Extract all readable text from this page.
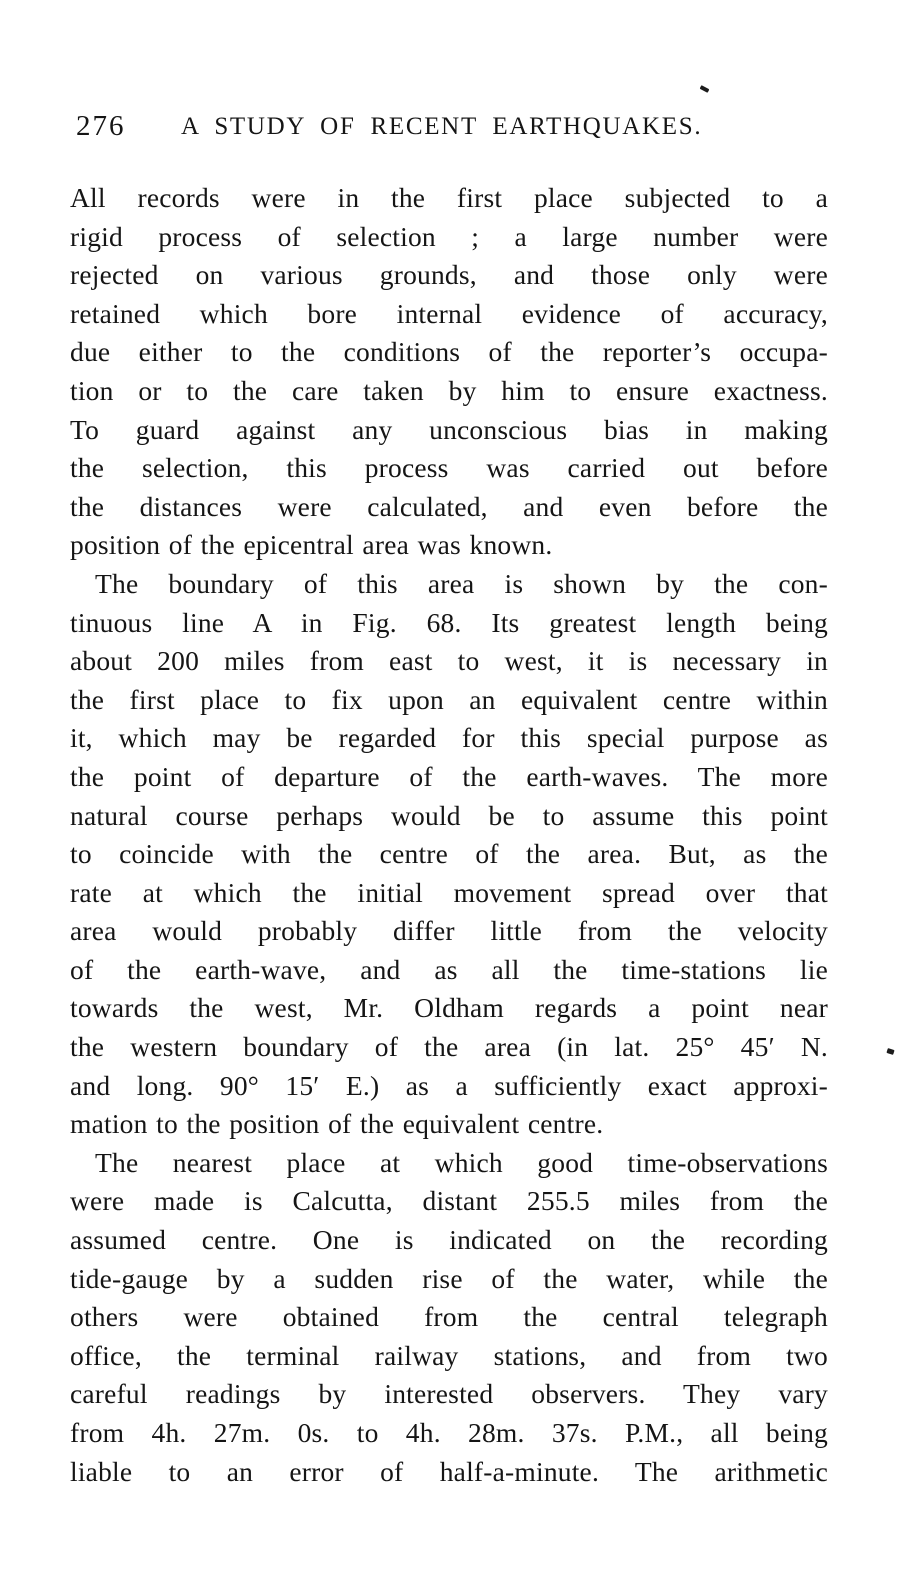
276 A STUDY OF RECENT EARTHQUAKES.
All records were in the first place subjected to a
rigid process of selection ; a large number were
rejected on various grounds, and those only were
retained which bore internal evidence of accuracy,
due either to the conditions of the reporter’s occupa-
tion or to the care taken by him to ensure exactness.
To guard against any unconscious bias in making
the selection, this process was carried out before
the distances were calculated, and even before the
position of the epicentral area was known.
The boundary of this area is shown by the con-
tinuous line A in Fig. 68. Its greatest length being
about 200 miles from east to west, it is necessary in
the first place to fix upon an equivalent centre within
it, which may be regarded for this special purpose as
the point of departure of the earth-waves. The more
natural course perhaps would be to assume this point
to coincide with the centre of the area. But, as the
rate at which the initial movement spread over that
area would probably differ little from the velocity
of the earth-wave, and as all the time-stations lie
towards the west, Mr. Oldham regards a point near
the western boundary of the area (in lat. 25° 45′ N.
and long. 90° 15′ E.) as a sufficiently exact approxi-
mation to the position of the equivalent centre.
The nearest place at which good time-observations
were made is Calcutta, distant 255.5 miles from the
assumed centre. One is indicated on the recording
tide-gauge by a sudden rise of the water, while the
others were obtained from the central telegraph
office, the terminal railway stations, and from two
careful readings by interested observers. They vary
from 4h. 27m. 0s. to 4h. 28m. 37s. P.M., all being
liable to an error of half-a-minute. The arithmetic
